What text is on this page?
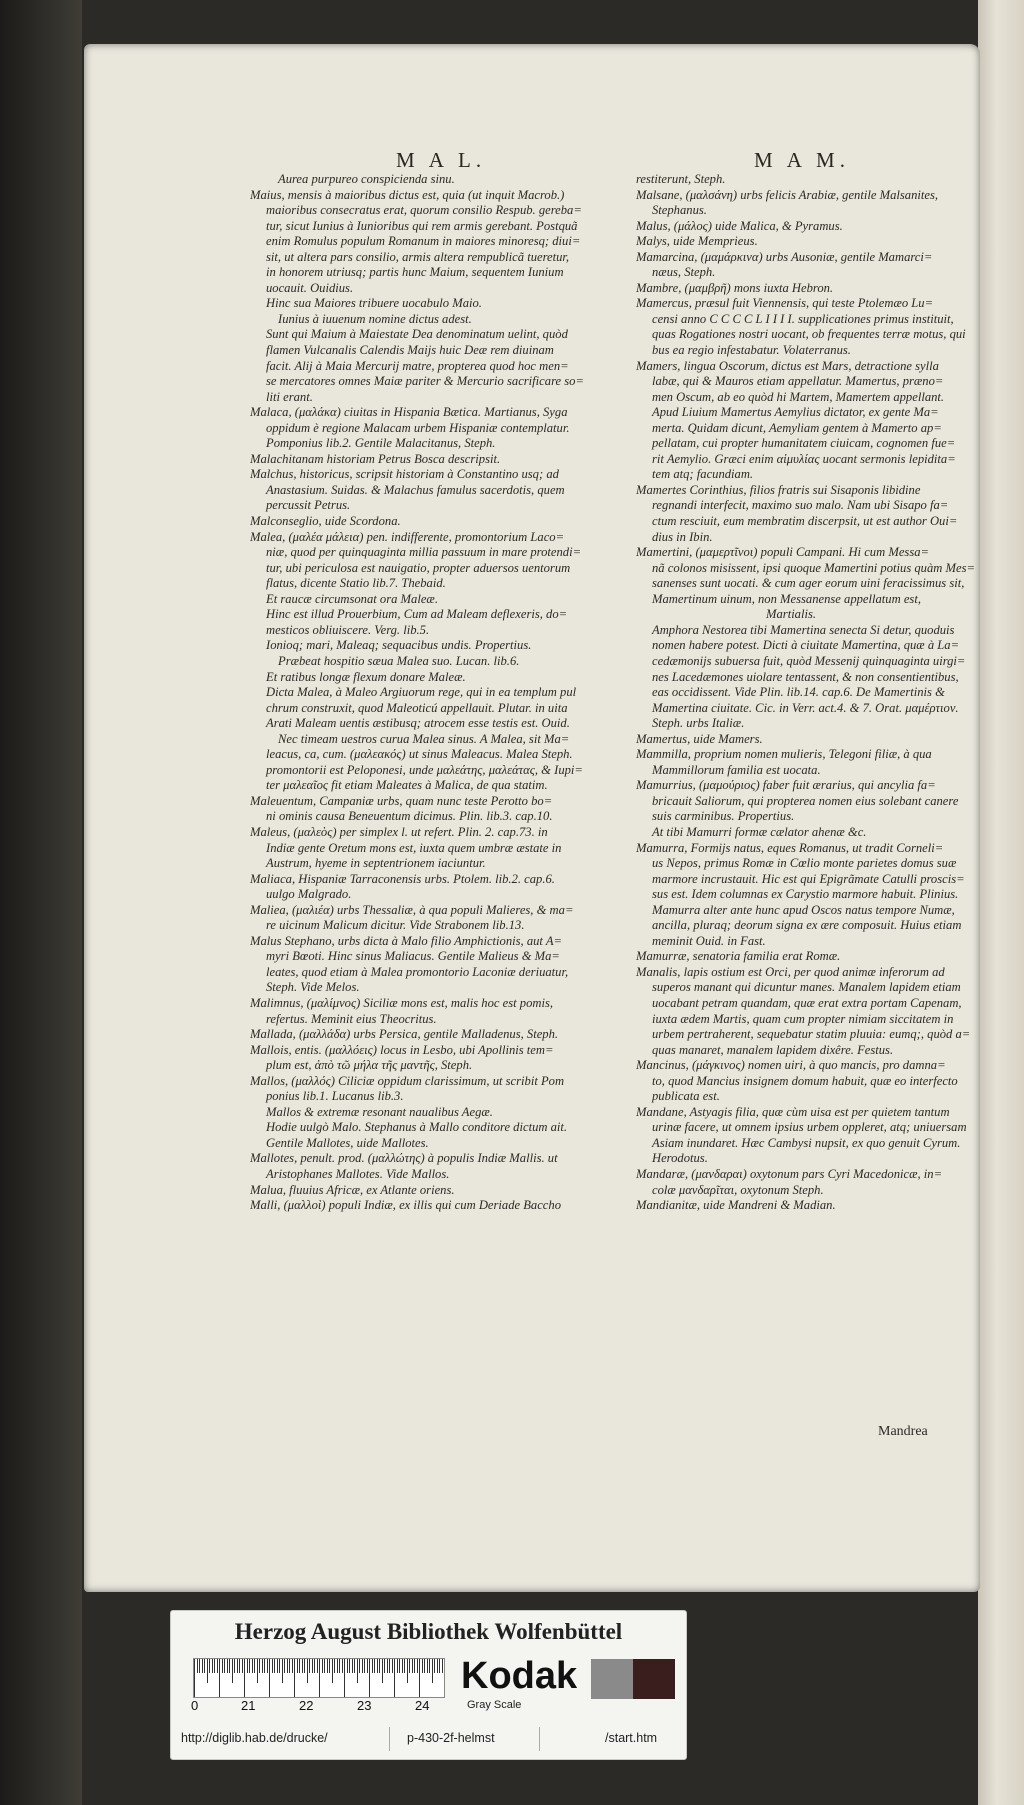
M A L.	M A M.

Aurea purpureo conspicienda sinu.

Maius, mensis à maioribus dictus est, quia (ut inquit Macrob.)

maioribus consecratus erat, quorum consilio Respub. gereba=

tur, sicut Iunius à Iunioribus qui rem armis gerebant. Postquã

enim Romulus populum Romanum in maiores minoresq; diui=

sit, ut altera pars consilio, armis altera rempublicã tueretur,

in honorem utriusq; partis hunc Maium, sequentem Iunium

uocauit. Ouidius.

Hinc sua Maiores tribuere uocabulo Maio.

Iunius à iuuenum nomine dictus adest.

Sunt qui Maium à Maiestate Dea denominatum uelint, quòd

flamen Vulcanalis Calendis Maijs huic Deæ rem diuinam

facit. Alij à Maia Mercurij matre, propterea quod hoc men=

se mercatores omnes Maiæ pariter & Mercurio sacrificare so=

liti erant.

Malaca, (μαλάκα) ciuitas in Hispania Bætica. Martianus, Syga

oppidum è regione Malacam urbem Hispaniæ contemplatur.

Pomponius lib.2. Gentile Malacitanus, Steph.

Malachitanam historiam Petrus Bosca descripsit.

Malchus, historicus, scripsit historiam à Constantino usq; ad

Anastasium. Suidas. & Malachus famulus sacerdotis, quem

percussit Petrus.

Malconseglio, uide Scordona.

Malea, (μαλέα μάλεια) pen. indifferente, promontorium Laco=

niæ, quod per quinquaginta millia passuum in mare protendi=

tur, ubi periculosa est nauigatio, propter aduersos uentorum

flatus, dicente Statio lib.7. Thebaid.

Et raucæ circumsonat ora Maleæ.

Hinc est illud Prouerbium, Cum ad Maleam deflexeris, do=

mesticos obliuiscere. Verg. lib.5.

Ionioq; mari, Maleaq; sequacibus undis. Propertius.

Præbeat hospitio sæua Malea suo. Lucan. lib.6.

Et ratibus longæ flexum donare Maleæ.

Dicta Malea, à Maleo Argiuorum rege, qui in ea templum pul

chrum construxit, quod Maleoticú appellauit. Plutar. in uita

Arati Maleam uentis æstibusq; atrocem esse testis est. Ouid.

Nec timeam uestros curua Malea sinus. A Malea, sit Ma=

leacus, ca, cum. (μαλεακός) ut sinus Maleacus. Malea Steph.

promontorii est Peloponesi, unde μαλεάτης, μαλεάτας, & Iupi=

ter μαλεαῖος fit etiam Maleates à Malica, de qua statim.

Maleuentum, Campaniæ urbs, quam nunc teste Perotto bo=

ni ominis causa Beneuentum dicimus. Plin. lib.3. cap.10.

Maleus, (μαλεὸς) per simplex l. ut refert. Plin. 2. cap.73. in

Indiæ gente Oretum mons est, iuxta quem umbræ æstate in

Austrum, hyeme in septentrionem iaciuntur.

Maliaca, Hispaniæ Tarraconensis urbs. Ptolem. lib.2. cap.6.

uulgo Malgrado.

Maliea, (μαλιέα) urbs Thessaliæ, à qua populi Malieres, & ma=

re uicinum Malicum dicitur. Vide Strabonem lib.13.

Malus Stephano, urbs dicta à Malo filio Amphictionis, aut A=

myri Bœoti. Hinc sinus Maliacus. Gentile Malieus & Ma=

leates, quod etiam à Malea promontorio Laconiæ deriuatur,

Steph. Vide Melos.

Malimnus, (μαλίμνος) Siciliæ mons est, malis hoc est pomis,

refertus. Meminit eius Theocritus.

Mallada, (μαλλάδα) urbs Persica, gentile Malladenus, Steph.

Mallois, entis. (μαλλόεις) locus in Lesbo, ubi Apollinis tem=

plum est, ἀπὸ τῶ μήλα τῆς μαντῆς, Steph.

Mallos, (μαλλός) Ciliciæ oppidum clarissimum, ut scribit Pom

ponius lib.1. Lucanus lib.3.

Mallos & extremæ resonant naualibus Aegæ.

Hodie uulgò Malo. Stephanus à Mallo conditore dictum ait.

Gentile Mallotes, uide Mallotes.

Mallotes, penult. prod. (μαλλώτης) à populis Indiæ Mallis. ut

Aristophanes Mallotes. Vide Mallos.

Malua, fluuius Africæ, ex Atlante oriens.

Malli, (μαλλοὶ) populi Indiæ, ex illis qui cum Deriade Baccho

restiterunt, Steph.

Malsane, (μαλσάνη) urbs felicis Arabiæ, gentile Malsanites,

Stephanus.

Malus, (μάλος) uide Malica, & Pyramus.

Malys, uide Memprieus.

Mamarcina, (μαμάρκινα) urbs Ausoniæ, gentile Mamarci=

næus, Steph.

Mambre, (μαμβρῆ) mons iuxta Hebron.

Mamercus, præsul fuit Viennensis, qui teste Ptolemæo Lu=

censi anno C C C C L I I I I. supplicationes primus instituit,

quas Rogationes nostri uocant, ob frequentes terræ motus, qui

bus ea regio infestabatur. Volaterranus.

Mamers, lingua Oscorum, dictus est Mars, detractione sylla

labæ, qui & Mauros etiam appellatur. Mamertus, præno=

men Oscum, ab eo quòd hi Martem, Mamertem appellant.

Apud Liuium Mamertus Aemylius dictator, ex gente Ma=

merta. Quidam dicunt, Aemyliam gentem à Mamerto ap=

pellatam, cui propter humanitatem ciuicam, cognomen fue=

rit Aemylio. Græci enim αἱμυλίας uocant sermonis lepidita=

tem atq; facundiam.

Mamertes Corinthius, filios fratris sui Sisaponis libidine

regnandi interfecit, maximo suo malo. Nam ubi Sisapo fa=

ctum resciuit, eum membratim discerpsit, ut est author Oui=

dius in Ibin.

Mamertini, (μαμερτῖνοι) populi Campani. Hi cum Messa=

nã colonos misissent, ipsi quoque Mamertini potius quàm Mes=

sanenses sunt uocati. & cum ager eorum uini feracissimus sit,

Mamertinum uinum, non Messanense appellatum est,

Martialis.

Amphora Nestorea tibi Mamertina senecta Si detur, quoduis

nomen habere potest. Dicti à ciuitate Mamertina, quæ à La=

cedæmonijs subuersa fuit, quòd Messenij quinquaginta uirgi=

nes Lacedæmones uiolare tentassent, & non consentientibus,

eas occidissent. Vide Plin. lib.14. cap.6. De Mamertinis &

Mamertina ciuitate. Cic. in Verr. act.4. & 7. Orat. μαμέρτιον.

Steph. urbs Italiæ.

Mamertus, uide Mamers.

Mammilla, proprium nomen mulieris, Telegoni filiæ, à qua

Mammillorum familia est uocata.

Mamurrius, (μαμούριος) faber fuit ærarius, qui ancylia fa=

bricauit Saliorum, qui propterea nomen eius solebant canere

suis carminibus. Propertius.

At tibi Mamurri formæ cælator ahenæ &c.

Mamurra, Formijs natus, eques Romanus, ut tradit Corneli=

us Nepos, primus Romæ in Cœlio monte parietes domus suæ

marmore incrustauit. Hic est qui Epigrãmate Catulli proscis=

sus est. Idem columnas ex Carystio marmore habuit. Plinius.

Mamurra alter ante hunc apud Oscos natus tempore Numæ,

ancilla, pluraq; deorum signa ex ære composuit. Huius etiam

meminit Ouid. in Fast.

Mamurræ, senatoria familia erat Romæ.

Manalis, lapis ostium est Orci, per quod animæ inferorum ad

superos manant qui dicuntur manes. Manalem lapidem etiam

uocabant petram quandam, quæ erat extra portam Capenam,

iuxta ædem Martis, quam cum propter nimiam siccitatem in

urbem pertraherent, sequebatur statim pluuia: eumq;, quòd a=

quas manaret, manalem lapidem dixêre. Festus.

Mancinus, (μάγκινος) nomen uiri, à quo mancis, pro damna=

to, quod Mancius insignem domum habuit, quæ eo interfecto

publicata est.

Mandane, Astyagis filia, quæ cùm uisa est per quietem tantum

urinæ facere, ut omnem ipsius urbem oppleret, atq; uniuersam

Asiam inundaret. Hæc Cambysi nupsit, ex quo genuit Cyrum.

Herodotus.

Mandaræ, (μανδαραι) oxytonum pars Cyri Macedonicæ, in=

colæ μανδαρῖται, oxytonum Steph.

Mandianitæ, uide Mandreni & Madian.

Mandrea
Herzog August Bibliothek Wolfenbüttel
0	21	22	23	24
Kodak
Gray Scale
http://diglib.hab.de/drucke/	p-430-2f-helmst	/start.htm
